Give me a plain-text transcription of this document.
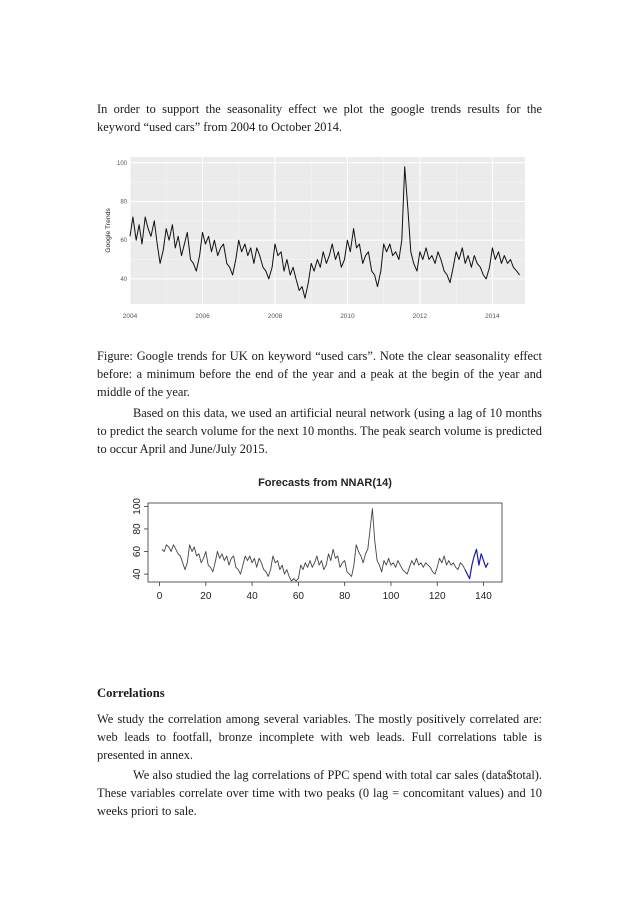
In order to support the seasonality effect we plot the google trends results for the keyword “used cars” from 2004 to October 2014.

2004	2006	2008	2010	2012	2014
40
60
80
100
Google Trends

Figure: Google trends for UK on keyword “used cars”. Note the clear seasonality effect before: a minimum before the end of the year and a peak at the begin of the year and middle of the year.

Based on this data, we used an artificial neural network (using a lag of 10 months to predict the search volume for the next 10 months. The peak search volume is predicted to occur April and June/July 2015.

Forecasts from NNAR(14)
0	20	40	60	80	100	120	140
40
60
80
100

Correlations

We study the correlation among several variables. The mostly positively correlated are: web leads to footfall, bronze incomplete with web leads. Full correlations table is presented in annex.

We also studied the lag correlations of PPC spend with total car sales (data$total). These variables correlate over time with two peaks (0 lag = concomitant values) and 10 weeks priori to sale.
